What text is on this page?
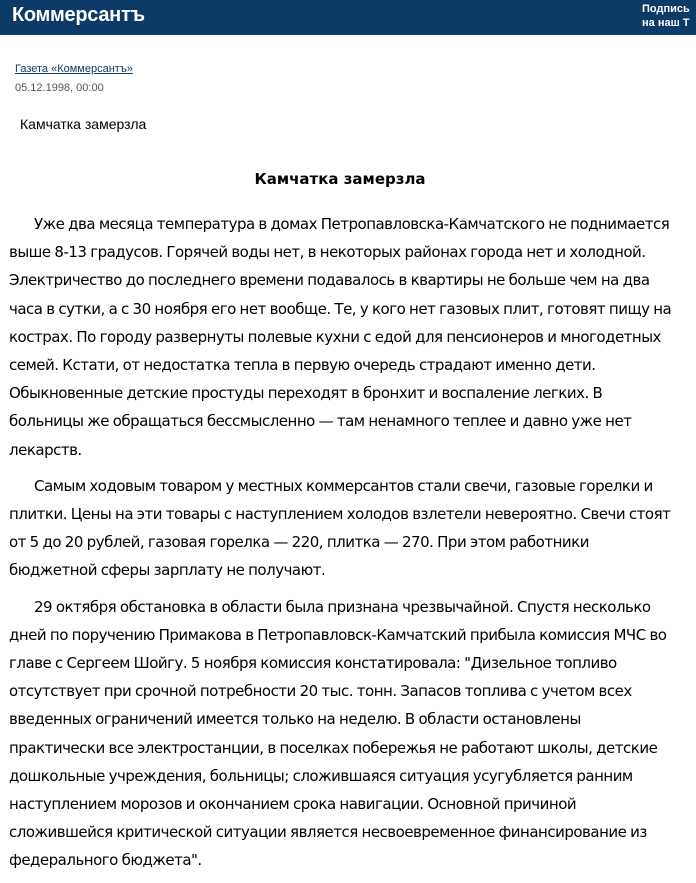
Коммерсантъ	Подпись
на наш Т
Газета «Коммерсантъ»
05.12.1998, 00:00
Камчатка замерзла
Камчатка замерзла

Уже два месяца температура в домах Петропавловска-Камчатского не поднимается выше 8-13 градусов. Горячей воды нет, в некоторых районах города нет и холодной. Электричество до последнего времени подавалось в квартиры не больше чем на два часа в сутки, а с 30 ноября его нет вообще. Те, у кого нет газовых плит, готовят пищу на кострах. По городу развернуты полевые кухни с едой для пенсионеров и многодетных семей. Кстати, от недостатка тепла в первую очередь страдают именно дети. Обыкновенные детские простуды переходят в бронхит и воспаление легких. В больницы же обращаться бессмысленно — там ненамного теплее и давно уже нет лекарств.

Самым ходовым товаром у местных коммерсантов стали свечи, газовые горелки и плитки. Цены на эти товары с наступлением холодов взлетели невероятно. Свечи стоят от 5 до 20 рублей, газовая горелка — 220, плитка — 270. При этом работники бюджетной сферы зарплату не получают.

29 октября обстановка в области была признана чрезвычайной. Спустя несколько дней по поручению Примакова в Петропавловск-Камчатский прибыла комиссия МЧС во главе с Сергеем Шойгу. 5 ноября комиссия констатировала: "Дизельное топливо отсутствует при срочной потребности 20 тыс. тонн. Запасов топлива с учетом всех введенных ограничений имеется только на неделю. В области остановлены практически все электростанции, в поселках побережья не работают школы, детские дошкольные учреждения, больницы; сложившаяся ситуация усугубляется ранним наступлением морозов и окончанием срока навигации. Основной причиной сложившейся критической ситуации является несвоевременное финансирование из федерального бюджета".
